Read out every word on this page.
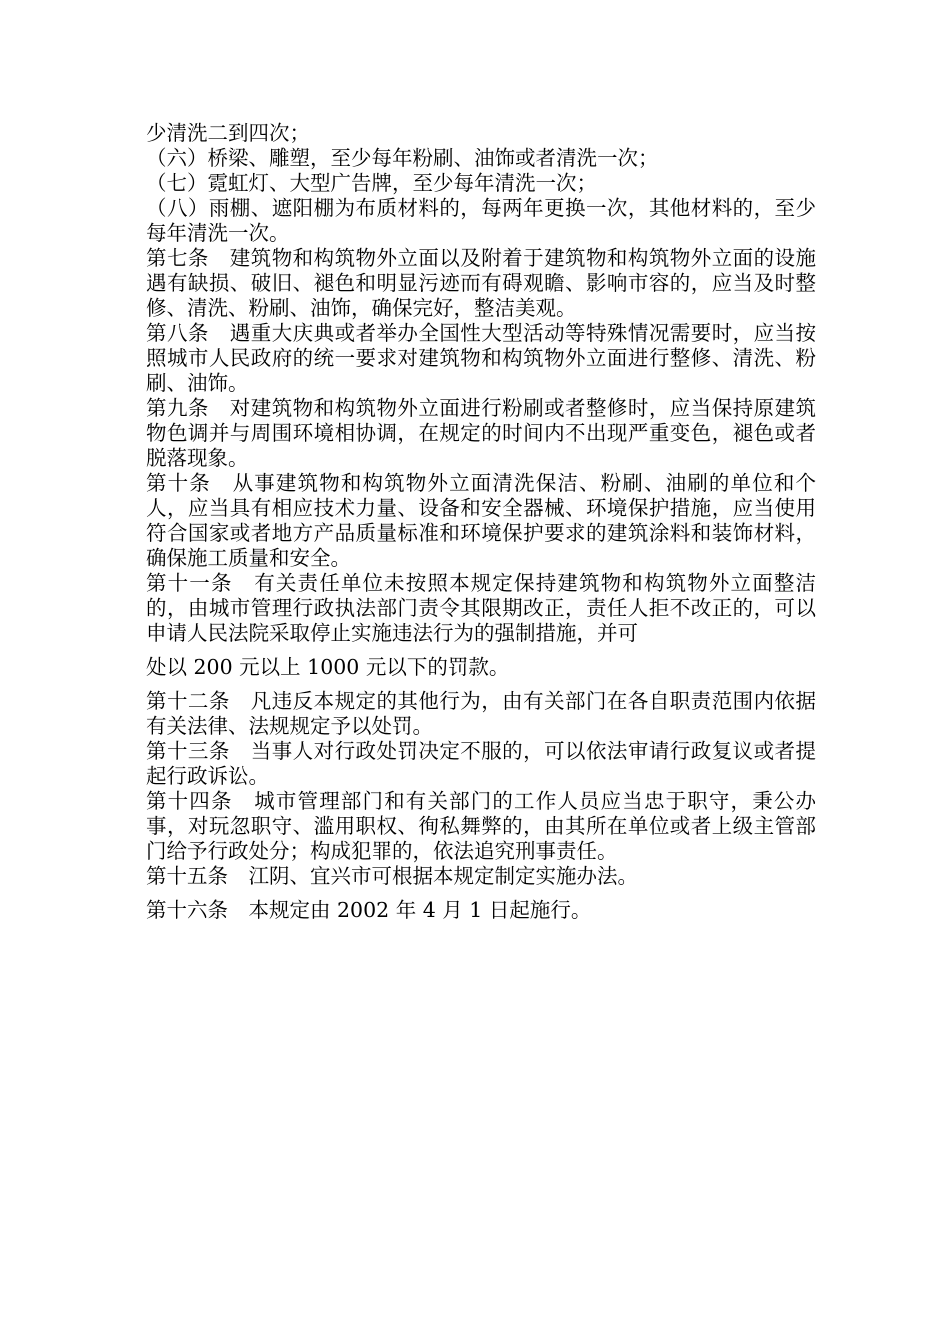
少清洗二到四次；

（六）桥梁、雕塑，至少每年粉刷、油饰或者清洗一次；

（七）霓虹灯、大型广告牌，至少每年清洗一次；

（八）雨棚、遮阳棚为布质材料的，每两年更换一次，其他材料的，至少每年清洗一次。

第七条　建筑物和构筑物外立面以及附着于建筑物和构筑物外立面的设施遇有缺损、破旧、褪色和明显污迹而有碍观瞻、影响市容的，应当及时整修、清洗、粉刷、油饰，确保完好，整洁美观。

第八条　遇重大庆典或者举办全国性大型活动等特殊情况需要时，应当按照城市人民政府的统一要求对建筑物和构筑物外立面进行整修、清洗、粉刷、油饰。

第九条　对建筑物和构筑物外立面进行粉刷或者整修时，应当保持原建筑物色调并与周围环境相协调，在规定的时间内不出现严重变色，褪色或者脱落现象。

第十条　从事建筑物和构筑物外立面清洗保洁、粉刷、油刷的单位和个人，应当具有相应技术力量、设备和安全器械、环境保护措施，应当使用符合国家或者地方产品质量标准和环境保护要求的建筑涂料和装饰材料，确保施工质量和安全。

第十一条　有关责任单位未按照本规定保持建筑物和构筑物外立面整洁的，由城市管理行政执法部门责令其限期改正，责任人拒不改正的，可以申请人民法院采取停止实施违法行为的强制措施，并可

处以 200 元以上 1000 元以下的罚款。

第十二条　凡违反本规定的其他行为，由有关部门在各自职责范围内依据有关法律、法规规定予以处罚。

第十三条　当事人对行政处罚决定不服的，可以依法审请行政复议或者提起行政诉讼。

第十四条　城市管理部门和有关部门的工作人员应当忠于职守，秉公办事，对玩忽职守、滥用职权、徇私舞弊的，由其所在单位或者上级主管部门给予行政处分；构成犯罪的，依法追究刑事责任。

第十五条　江阴、宜兴市可根据本规定制定实施办法。

第十六条　本规定由 2002 年 4 月 1 日起施行。
